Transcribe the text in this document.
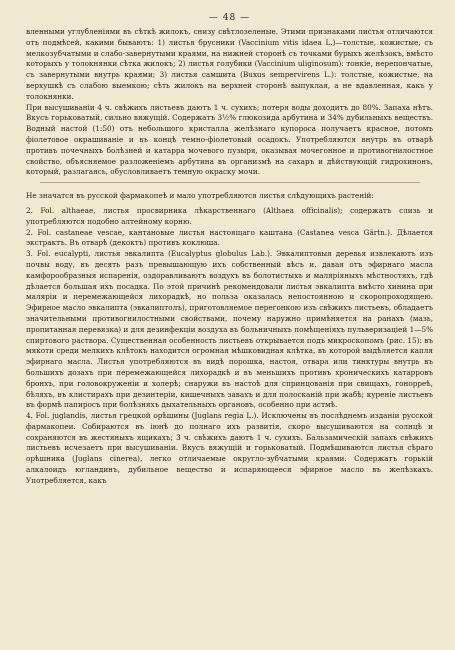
— 48 —

вленными углубленіями въ сѣткѣ жилокъ, снизу свѣтлозеленые. Этими признаками листья отличаются отъ подмѣсей, какими бываютъ: 1) листья брусники (Vaccinium vitis idaea L.)—толстые, кожистые, съ мелкозубчатыми и слабо-завернутыми краями, на нижней сторонѣ съ точками бурыхъ желѣзокъ, вмѣсто которыхъ у толокнянки сѣтка жилокъ; 2) листья голубики (Vaccinium uliginosum): тонкіе, нерепончатые, съ завернутыми внутрь краями; 3) листья самшита (Buxus sempervirens L.): толстые, кожистые, на верхушкѣ съ слабою выемкою; сѣть жилокъ на верхней сторонѣ выпуклая, а не вдавленная, какъ у толокнянки.

При высушиваніи 4 ч. свѣжихъ листьевъ даютъ 1 ч. сухихъ; потеря воды доходитъ до 80%. Запаха нѣтъ. Вкусъ горьковатый, сильно вяжущій. Содержатъ 3½% глюкозида арбутина и 34% дубильныхъ веществъ. Водный настой (1:50) отъ небольшого кристалла желѣзнаго купороса получаетъ красное, потомъ фіолетовое окрашиваніе и въ концѣ темно-фіолетовый осадокъ. Употребляются внутрь въ отварѣ противъ почечныхъ болѣзней и катарра мочевого пузыря, оказывая мочегонное и противогнилостное свойство, объясняемое разложеніемъ арбутина въ организмѣ на сахаръ и дѣйствующій гидрохинонъ, который, разлагаясь, обусловливаетъ темную окраску мочи.

Не значатся въ русской фармакопеѣ и мало употребляются листья слѣдующихъ растеній:

2. Fol. althaeae, листья просвирника лѣкарственнаго (Althaea officinalis); содержатъ слизь и употребляются подобно алтейному корню.

2. Fol. castaneae vescae, кантановые листья настоящаго каштана (Castanea vesca Gärtn.). Дѣлается экстрактъ. Въ отварѣ (декоктъ) противъ коклюша.

3. Fol. eucalypti, листья эвкалипта (Eucalyptus globulus Lab.). Эвкалиптовыя деревья извлекаютъ изъ почвы воду, въ десять разъ превышающую ихъ собственный вѣсъ и, давая отъ эфирнаго масла камфорообразныя испаренія, оздоравливаютъ воздухъ въ болотистыхъ и маляріяныхъ мѣстностяхъ, гдѣ дѣлается большая ихъ посадка. По этой причинѣ рекомендовали листья эвкалипта вмѣсто хинина при маляріи и перемежающейся лихорадкѣ, но польза оказалась непостоянною и скоропроходящею. Эфирное масло эвкалипта (эвкалиптолъ), приготовляемое перегонкою изъ свѣжихъ листьевъ, обладаетъ значительными противогнилостными свойствами, почему наружно примѣняется на ранахъ (мазь, пропитанная перевязка) и для дезинфекціи воздуха въ больничныхъ помѣщеніяхъ пульверизаціей 1—5% спиртового раствора. Существенная особенность листьевъ открывается подъ микроскопомъ (рис. 15): въ мякоти среди мелкихъ клѣтокъ находится огромная мѣшковидная клѣтка, въ которой выдѣляется капля эфирнаго масла. Листья употребляются въ видѣ порошка, настоя, отвара или тинктуры внутрь въ большихъ дозахъ при перемежающейся лихорадкѣ и въ меньшихъ противъ хроническихъ катарровъ бронхъ, при головокруженіи и холерѣ; снаружи въ настоѣ для спринцованія при свищахъ, гонорреѣ, бѣляхъ, въ клистирахъ при дезинтеріи, кишечныхъ завахъ и для полосканій при жабѣ; куреніе листьевъ въ формѣ папиросъ при болѣзняхъ дыхательныхъ органовъ, особенно при астмѣ.

4. Fol. juglandis, листья грецкой орѣшины (Juglans regia L.). Исключены въ послѣднемъ изданіи русской фармакопеи. Собираются въ іюнѣ до полнаго ихъ развитія, скоро высушиваются на солнцѣ и сохраняются въ жестяныхъ ящикахъ; 3 ч. свѣжихъ даютъ 1 ч. сухихъ. Бальзамическій запахъ свѣжихъ листьевъ исчезаетъ при высушиваніи. Вкусъ вяжущій и горьковатый. Подмѣшиваются листья сѣраго орѣшника (Juglans cinerea), легко отличаемые округло-зубчатыми краями. Содержатъ горькій алкалоидъ югландинъ, дубильное вещество и испаряющееся эфирное масло въ желѣзкахъ. Употребляется, какъ
